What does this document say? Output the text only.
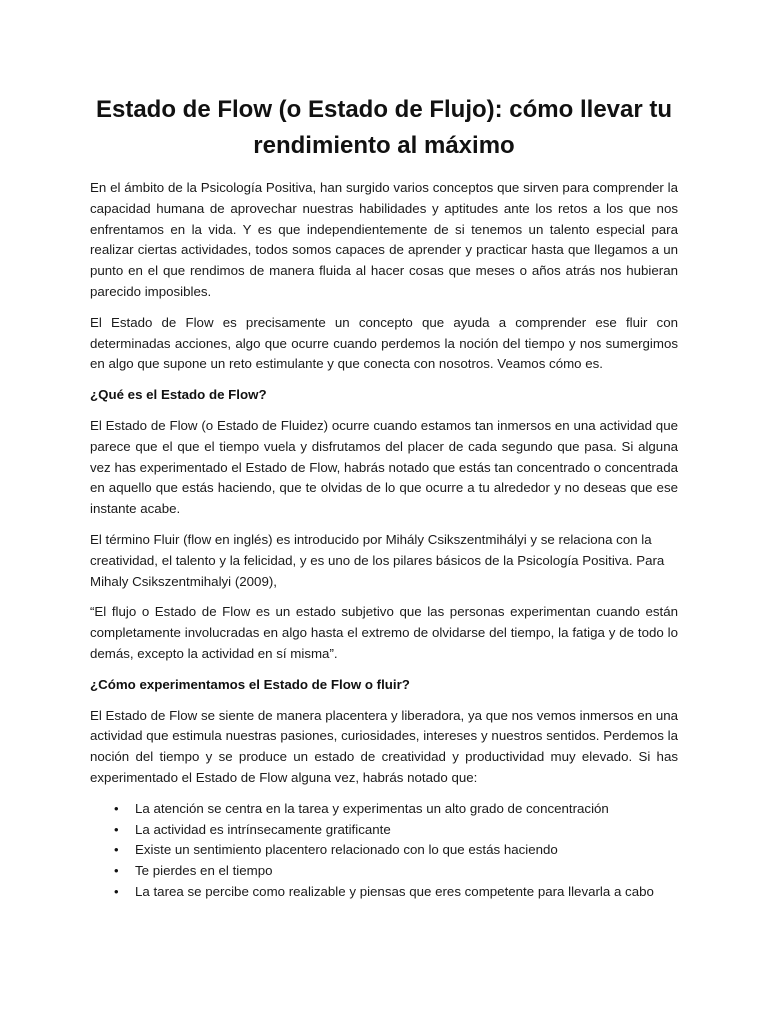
Estado de Flow (o Estado de Flujo): cómo llevar tu rendimiento al máximo

En el ámbito de la Psicología Positiva, han surgido varios conceptos que sirven para comprender la capacidad humana de aprovechar nuestras habilidades y aptitudes ante los retos a los que nos enfrentamos en la vida. Y es que independientemente de si tenemos un talento especial para realizar ciertas actividades, todos somos capaces de aprender y practicar hasta que llegamos a un punto en el que rendimos de manera fluida al hacer cosas que meses o años atrás nos hubieran parecido imposibles.

El Estado de Flow es precisamente un concepto que ayuda a comprender ese fluir con determinadas acciones, algo que ocurre cuando perdemos la noción del tiempo y nos sumergimos en algo que supone un reto estimulante y que conecta con nosotros. Veamos cómo es.

¿Qué es el Estado de Flow?

El Estado de Flow (o Estado de Fluidez) ocurre cuando estamos tan inmersos en una actividad que parece que el que el tiempo vuela y disfrutamos del placer de cada segundo que pasa. Si alguna vez has experimentado el Estado de Flow, habrás notado que estás tan concentrado o concentrada en aquello que estás haciendo, que te olvidas de lo que ocurre a tu alrededor y no deseas que ese instante acabe.

El término Fluir (flow en inglés) es introducido por Mihály Csikszentmihályi y se relaciona con la creatividad, el talento y la felicidad, y es uno de los pilares básicos de la Psicología Positiva. Para Mihaly Csikszentmihalyi (2009),

“El flujo o Estado de Flow es un estado subjetivo que las personas experimentan cuando están completamente involucradas en algo hasta el extremo de olvidarse del tiempo, la fatiga y de todo lo demás, excepto la actividad en sí misma”.

¿Cómo experimentamos el Estado de Flow o fluir?

El Estado de Flow se siente de manera placentera y liberadora, ya que nos vemos inmersos en una actividad que estimula nuestras pasiones, curiosidades, intereses y nuestros sentidos. Perdemos la noción del tiempo y se produce un estado de creatividad y productividad muy elevado. Si has experimentado el Estado de Flow alguna vez, habrás notado que:

• La atención se centra en la tarea y experimentas un alto grado de concentración
• La actividad es intrínsecamente gratificante
• Existe un sentimiento placentero relacionado con lo que estás haciendo
• Te pierdes en el tiempo
• La tarea se percibe como realizable y piensas que eres competente para llevarla a cabo
